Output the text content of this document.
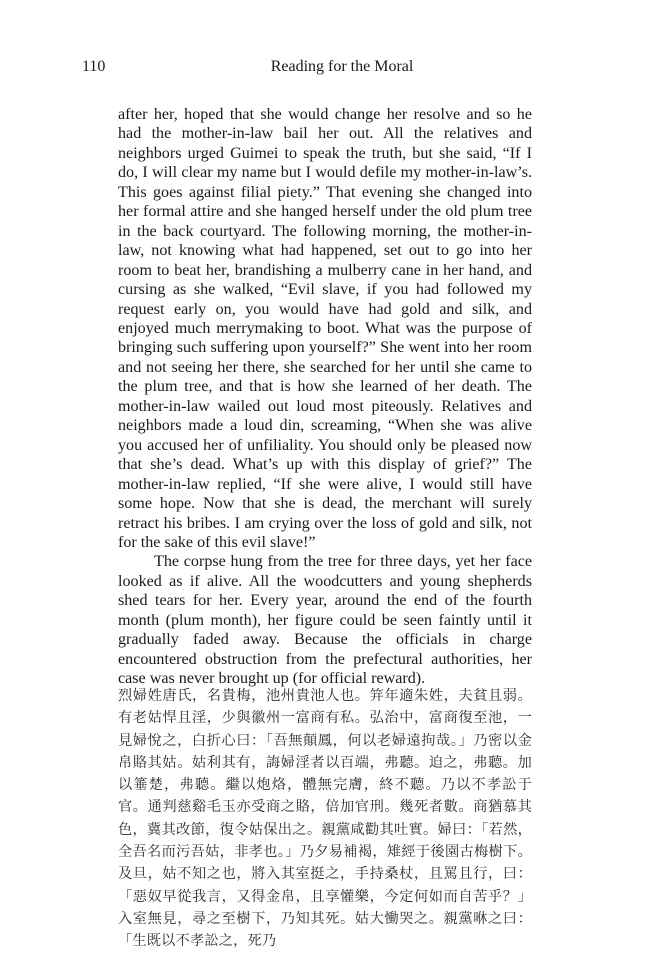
110	Reading for the Moral

after her, hoped that she would change her resolve and so he had the mother-in-law bail her out. All the relatives and neighbors urged Guimei to speak the truth, but she said, “If I do, I will clear my name but I would defile my mother-in-law’s. This goes against filial piety.” That evening she changed into her formal attire and she hanged herself under the old plum tree in the back courtyard. The following morning, the mother-in-law, not knowing what had happened, set out to go into her room to beat her, brandishing a mulberry cane in her hand, and cursing as she walked, “Evil slave, if you had followed my request early on, you would have had gold and silk, and enjoyed much merrymaking to boot. What was the purpose of bringing such suffering upon yourself?” She went into her room and not seeing her there, she searched for her until she came to the plum tree, and that is how she learned of her death. The mother-in-law wailed out loud most piteously. Relatives and neighbors made a loud din, screaming, “When she was alive you accused her of unfiliality. You should only be pleased now that she’s dead. What’s up with this display of grief?” The mother-in-law replied, “If she were alive, I would still have some hope. Now that she is dead, the merchant will surely retract his bribes. I am crying over the loss of gold and silk, not for the sake of this evil slave!”

The corpse hung from the tree for three days, yet her face looked as if alive. All the woodcutters and young shepherds shed tears for her. Every year, around the end of the fourth month (plum month), her figure could be seen faintly until it gradually faded away. Because the officials in charge encountered obstruction from the prefectural authorities, her case was never brought up (for official reward).

烈婦姓唐氏，名貴梅，池州貴池人也。笄年適朱姓，夫貧且弱。有老姑悍且淫，少與徽州一富商有私。弘治中，富商復至池，一見婦悅之，白折心曰：「吾無顛鳳，何以老婦遠拘哉。」乃密以金帛賂其姑。姑利其有，誨婦淫者以百端，弗聽。迫之，弗聽。加以箠楚，弗聽。繼以炮烙，體無完膚，終不聽。乃以不孝訟于官。通判慈谿毛玉亦受商之賂，倍加官刑。幾死者數。商猶慕其色，冀其改節，復令姑保出之。親黨咸勸其吐實。婦曰：「若然，全吾名而污吾姑，非孝也。」乃夕易補褐，雉經于後園古梅樹下。及旦，姑不知之也，將入其室挺之，手持桑杖，且罵且行，曰：「惡奴早從我言，又得金帛，且享懽樂，今定何如而自苦乎？」入室無見，尋之至樹下，乃知其死。姑大慟哭之。親黨咻之曰：「生既以不孝訟之，死乃
